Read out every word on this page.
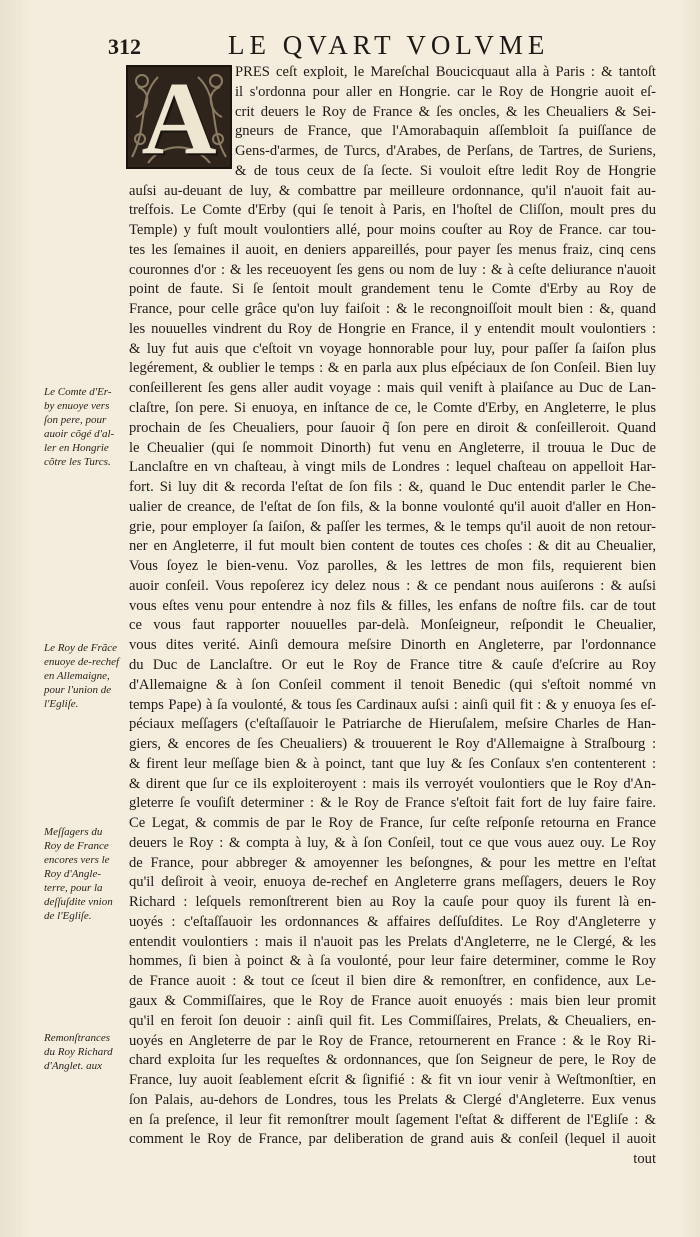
312	LE QVART VOLVME
A	PRES ceſt exploit, le Mareſchal Boucicquaut alla à Paris : & tantoſt
il s'ordonna pour aller en Hongrie. car le Roy de Hongrie auoit eſ-
crit deuers le Roy de France & ſes oncles, & les Cheualiers & Sei-
gneurs de France, que l'Amorabaquin aſſembloit ſa puiſſance de
Gens-d'armes, de Turcs, d'Arabes, de Perſans, de Tartres, de Suriens,
& de tous ceux de ſa ſecte. Si vouloit eſtre ledit Roy de Hongrie
auſsi au-deuant de luy, & combattre par meilleure ordonnance, qu'il n'auoit fait au-
treſfois. Le Comte d'Erby (qui ſe tenoit à Paris, en l'hoſtel de Cliſſon, moult pres du
Temple) y fuſt moult voulontiers allé, pour moins couſter au Roy de France. car tou-
tes les ſemaines il auoit, en deniers appareillés, pour payer ſes menus fraiz, cinq cens
couronnes d'or : & les receuoyent ſes gens ou nom de luy : & à ceſte deliurance n'auoit
point de faute. Si ſe ſentoit moult grandement tenu le Comte d'Erby au Roy de
France, pour celle grâce qu'on luy faiſoit : & le recongnoiſſoit moult bien : &, quand
les nouuelles vindrent du Roy de Hongrie en France, il y entendit moult voulontiers :
& luy fut auis que c'eſtoit vn voyage honnorable pour luy, pour paſſer ſa ſaiſon plus
legérement, & oublier le temps : & en parla aux plus eſpéciaux de ſon Conſeil. Bien luy
conſeillerent ſes gens aller audit voyage : mais quil venift à plaiſance au Duc de Lan-
claſtre, ſon pere. Si enuoya, en inſtance de ce, le Comte d'Erby, en Angleterre, le plus
prochain de ſes Cheualiers, pour ſauoir q̃ ſon pere en diroit & conſeilleroit. Quand
le Cheualier (qui ſe nommoit Dinorth) fut venu en Angleterre, il trouua le Duc de
Lanclaſtre en vn chaſteau, à vingt mils de Londres : lequel chaſteau on appelloit Har-
fort. Si luy dit & recorda l'eſtat de ſon fils : &, quand le Duc entendit parler le Che-
ualier de creance, de l'eſtat de ſon fils, & la bonne voulonté qu'il auoit d'aller en Hon-
grie, pour employer ſa ſaiſon, & paſſer les termes, & le temps qu'il auoit de non retour-
ner en Angleterre, il fut moult bien content de toutes ces choſes : & dit au Cheualier,
Vous ſoyez le bien-venu. Voz parolles, & les lettres de mon fils, requierent bien
auoir conſeil. Vous repoſerez icy delez nous : & ce pendant nous auiſerons : & auſsi
vous eſtes venu pour entendre à noz fils & filles, les enfans de noſtre fils. car de tout
ce vous faut rapporter nouuelles par-delà. Monſeigneur, reſpondit le Cheualier,
vous dites verité. Ainſi demoura meſsire Dinorth en Angleterre, par l'ordonnance
du Duc de Lanclaſtre. Or eut le Roy de France titre & cauſe d'eſcrire au Roy
d'Allemaigne & à ſon Conſeil comment il tenoit Benedic (qui s'eſtoit nommé vn
temps Pape) à ſa voulonté, & tous ſes Cardinaux auſsi : ainſi quil fit : & y enuoya ſes eſ-
péciaux meſſagers (c'eſtaſſauoir le Patriarche de Hieruſalem, meſsire Charles de Han-
giers, & encores de ſes Cheualiers) & trouuerent le Roy d'Allemaigne à Straſbourg :
& firent leur meſſage bien & à poinct, tant que luy & ſes Conſaux s'en contenterent :
& dirent que ſur ce ils exploiteroyent : mais ils verroyét voulontiers que le Roy d'An-
gleterre ſe vouſiſt determiner : & le Roy de France s'eſtoit fait fort de luy faire faire.
Ce Legat, & commis de par le Roy de France, ſur ceſte reſponſe retourna en France
deuers le Roy : & compta à luy, & à ſon Conſeil, tout ce que vous auez ouy. Le Roy
de France, pour abbreger & amoyenner les beſongnes, & pour les mettre en l'eſtat
qu'il deſiroit à veoir, enuoya de-rechef en Angleterre grans meſſagers, deuers le Roy
Richard : leſquels remonſtrerent bien au Roy la cauſe pour quoy ils furent là en-
uoyés : c'eſtaſſauoir les ordonnances & affaires deſſuſdites. Le Roy d'Angleterre y
entendit voulontiers : mais il n'auoit pas les Prelats d'Angleterre, ne le Clergé, & les
hommes, ſi bien à poinct & à ſa voulonté, pour leur faire determiner, comme le Roy
de France auoit : & tout ce ſceut il bien dire & remonſtrer, en confidence, aux Le-
gaux & Commiſſaires, que le Roy de France auoit enuoyés : mais bien leur promit
qu'il en feroit ſon deuoir : ainſi quil fit. Les Commiſſaires, Prelats, & Cheualiers, en-
uoyés en Angleterre de par le Roy de France, retournerent en France : & le Roy Ri-
chard exploita ſur les requeſtes & ordonnances, que ſon Seigneur de pere, le Roy de
France, luy auoit ſeablement eſcrit & ſignifié : & fit vn iour venir à Weſtmonſtier, en
ſon Palais, au-dehors de Londres, tous les Prelats & Clergé d'Angleterre. Eux venus
en ſa preſence, il leur fit remonſtrer moult ſagement l'eſtat & different de l'Egliſe : &
comment le Roy de France, par deliberation de grand auis & conſeil (lequel il auoit
tout
Le Comte d'Er-
by enuoye vers
ſon pere, pour
auoir cõgé d'al-
ler en Hongrie
cõtre les Turcs.
Le Roy de Frãce
enuoye de-rechef
en Allemaigne,
pour l'union de
l'Egliſe.
Meſſagers du
Roy de France
encores vers le
Roy d'Angle-
terre, pour la
deſſuſdite vnion
de l'Egliſe.
Remonſtrances
du Roy Richard
d'Anglet. aux
